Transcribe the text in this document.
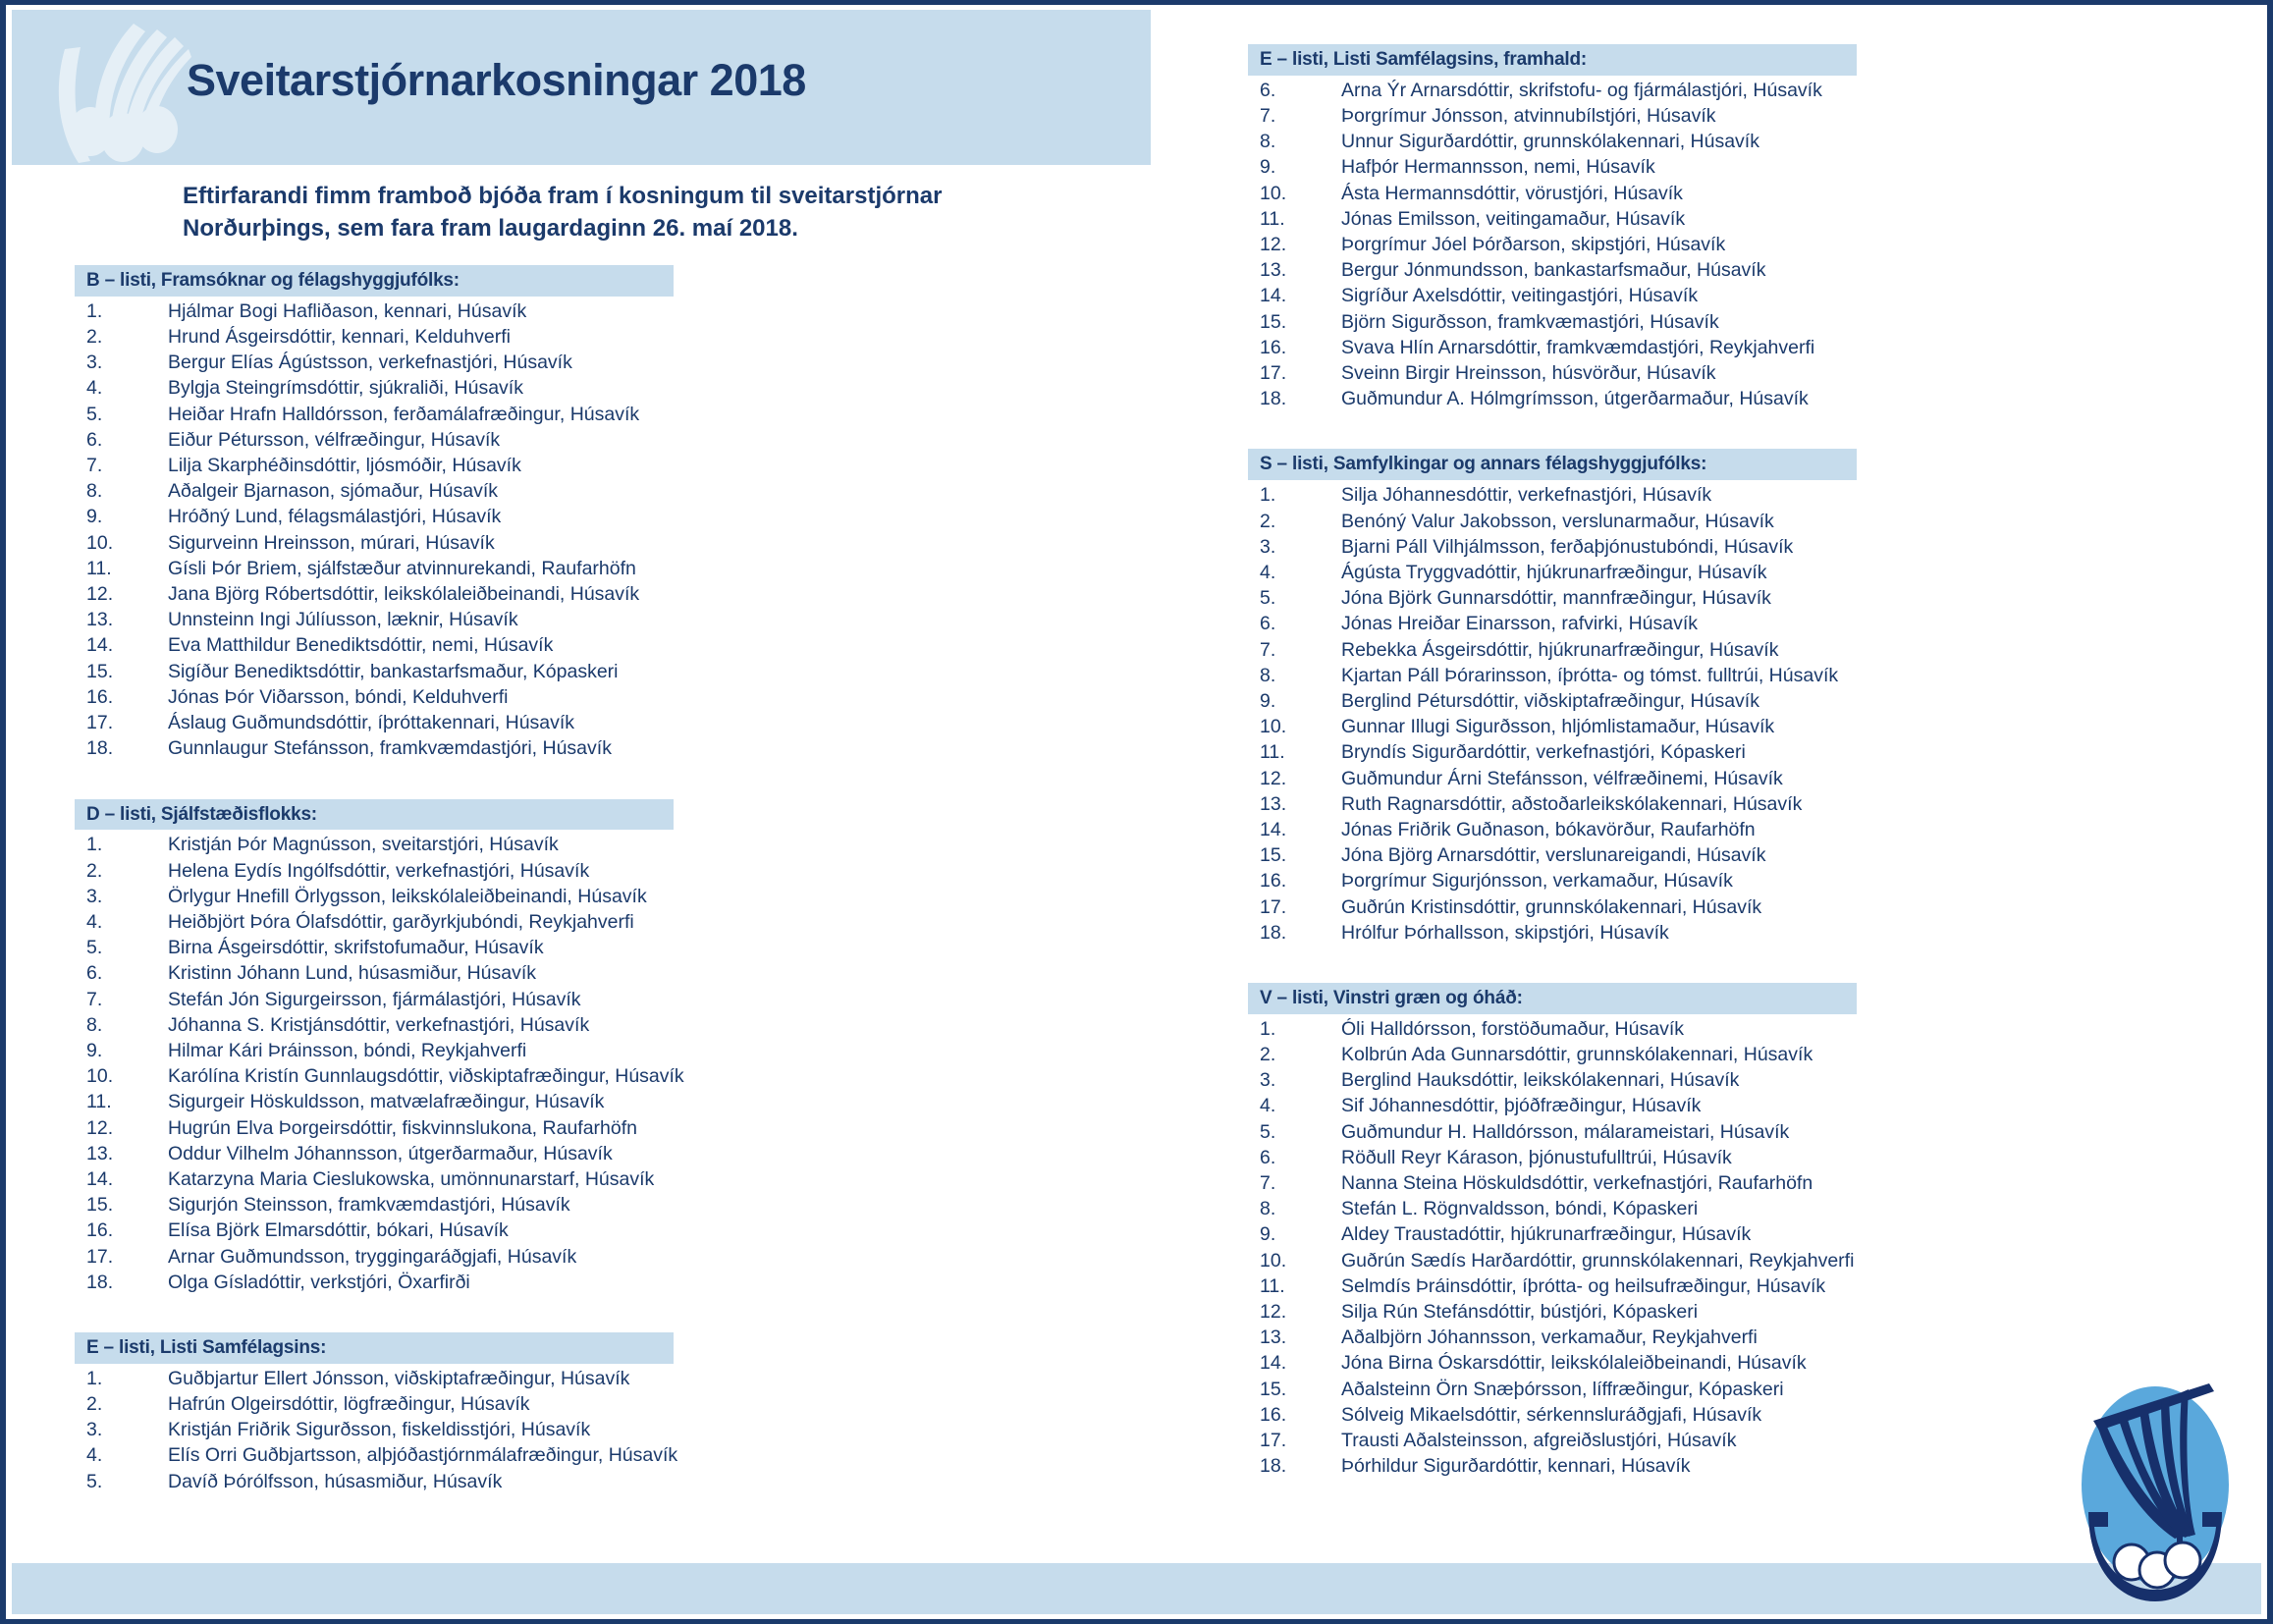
Sveitarstjórnarkosningar 2018
Eftirfarandi fimm framboð bjóða fram í kosningum til sveitarstjórnar
Norðurþings, sem fara fram laugardaginn 26. maí 2018.
B – listi, Framsóknar og félagshyggjufólks:
1.	Hjálmar Bogi Hafliðason, kennari, Húsavík
2.	Hrund Ásgeirsdóttir, kennari, Kelduhverfi
3.	Bergur Elías Ágústsson, verkefnastjóri, Húsavík
4.	Bylgja Steingrímsdóttir, sjúkraliði, Húsavík
5.	Heiðar Hrafn Halldórsson, ferðamálafræðingur, Húsavík
6.	Eiður Pétursson, vélfræðingur, Húsavík
7.	Lilja Skarphéðinsdóttir, ljósmóðir, Húsavík
8.	Aðalgeir Bjarnason, sjómaður, Húsavík
9.	Hróðný Lund, félagsmálastjóri, Húsavík
10.	Sigurveinn Hreinsson, múrari, Húsavík
11.	Gísli Þór Briem, sjálfstæður atvinnurekandi, Raufarhöfn
12.	Jana Björg Róbertsdóttir, leikskólaleiðbeinandi, Húsavík
13.	Unnsteinn Ingi Júlíusson, læknir, Húsavík
14.	Eva Matthildur Benediktsdóttir, nemi, Húsavík
15.	Sigíður Benediktsdóttir, bankastarfsmaður, Kópaskeri
16.	Jónas Þór Viðarsson, bóndi, Kelduhverfi
17.	Áslaug Guðmundsdóttir, íþróttakennari, Húsavík
18.	Gunnlaugur Stefánsson, framkvæmdastjóri, Húsavík
D – listi, Sjálfstæðisflokks:
1.	Kristján Þór Magnússon, sveitarstjóri, Húsavík
2.	Helena Eydís Ingólfsdóttir, verkefnastjóri, Húsavík
3.	Örlygur Hnefill Örlygsson, leikskólaleiðbeinandi, Húsavík
4.	Heiðbjört Þóra Ólafsdóttir, garðyrkjubóndi, Reykjahverfi
5.	Birna Ásgeirsdóttir, skrifstofumaður, Húsavík
6.	Kristinn Jóhann Lund, húsasmiður, Húsavík
7.	Stefán Jón Sigurgeirsson, fjármálastjóri, Húsavík
8.	Jóhanna S. Kristjánsdóttir, verkefnastjóri, Húsavík
9.	Hilmar Kári Þráinsson, bóndi, Reykjahverfi
10.	Karólína Kristín Gunnlaugsdóttir, viðskiptafræðingur, Húsavík
11.	Sigurgeir Höskuldsson, matvælafræðingur, Húsavík
12.	Hugrún Elva Þorgeirsdóttir, fiskvinnslukona, Raufarhöfn
13.	Oddur Vilhelm Jóhannsson, útgerðarmaður, Húsavík
14.	Katarzyna Maria Cieslukowska, umönnunarstarf, Húsavík
15.	Sigurjón Steinsson, framkvæmdastjóri, Húsavík
16.	Elísa Björk Elmarsdóttir, bókari, Húsavík
17.	Arnar Guðmundsson, tryggingaráðgjafi, Húsavík
18.	Olga Gísladóttir, verkstjóri, Öxarfirði
E – listi, Listi Samfélagsins:
1.	Guðbjartur Ellert Jónsson, viðskiptafræðingur, Húsavík
2.	Hafrún Olgeirsdóttir, lögfræðingur, Húsavík
3.	Kristján Friðrik Sigurðsson, fiskeldisstjóri, Húsavík
4.	Elís Orri Guðbjartsson, alþjóðastjórnmálafræðingur, Húsavík
5.	Davíð Þórólfsson, húsasmiður, Húsavík
E – listi, Listi Samfélagsins, framhald:
6.	Arna Ýr Arnarsdóttir, skrifstofu- og fjármálastjóri, Húsavík
7.	Þorgrímur Jónsson, atvinnubílstjóri, Húsavík
8.	Unnur Sigurðardóttir, grunnskólakennari, Húsavík
9.	Hafþór Hermannsson, nemi, Húsavík
10.	Ásta Hermannsdóttir, vörustjóri, Húsavík
11.	Jónas Emilsson, veitingamaður, Húsavík
12.	Þorgrímur Jóel Þórðarson, skipstjóri, Húsavík
13.	Bergur Jónmundsson, bankastarfsmaður, Húsavík
14.	Sigríður Axelsdóttir, veitingastjóri, Húsavík
15.	Björn Sigurðsson, framkvæmastjóri, Húsavík
16.	Svava Hlín Arnarsdóttir, framkvæmdastjóri, Reykjahverfi
17.	Sveinn Birgir Hreinsson, húsvörður, Húsavík
18.	Guðmundur A. Hólmgrímsson, útgerðarmaður, Húsavík
S – listi, Samfylkingar og annars félagshyggjufólks:
1.	Silja Jóhannesdóttir, verkefnastjóri, Húsavík
2.	Benóný Valur Jakobsson, verslunarmaður, Húsavík
3.	Bjarni Páll Vilhjálmsson, ferðaþjónustubóndi, Húsavík
4.	Ágústa Tryggvadóttir, hjúkrunarfræðingur, Húsavík
5.	Jóna Björk Gunnarsdóttir, mannfræðingur, Húsavík
6.	Jónas Hreiðar Einarsson, rafvirki, Húsavík
7.	Rebekka Ásgeirsdóttir, hjúkrunarfræðingur, Húsavík
8.	Kjartan Páll Þórarinsson, íþrótta- og tómst. fulltrúi, Húsavík
9.	Berglind Pétursdóttir, viðskiptafræðingur, Húsavík
10.	Gunnar Illugi Sigurðsson, hljómlistamaður, Húsavík
11.	Bryndís Sigurðardóttir, verkefnastjóri, Kópaskeri
12.	Guðmundur Árni Stefánsson, vélfræðinemi, Húsavík
13.	Ruth Ragnarsdóttir, aðstoðarleikskólakennari, Húsavík
14.	Jónas Friðrik Guðnason, bókavörður, Raufarhöfn
15.	Jóna Björg Arnarsdóttir, verslunareigandi, Húsavík
16.	Þorgrímur Sigurjónsson, verkamaður, Húsavík
17.	Guðrún Kristinsdóttir, grunnskólakennari, Húsavík
18.	Hrólfur Þórhallsson, skipstjóri, Húsavík
V – listi, Vinstri græn og óháð:
1.	Óli Halldórsson, forstöðumaður, Húsavík
2.	Kolbrún Ada Gunnarsdóttir, grunnskólakennari, Húsavík
3.	Berglind Hauksdóttir, leikskólakennari, Húsavík
4.	Sif Jóhannesdóttir, þjóðfræðingur, Húsavík
5.	Guðmundur H. Halldórsson, málarameistari, Húsavík
6.	Röðull Reyr Kárason, þjónustufulltrúi, Húsavík
7.	Nanna Steina Höskuldsdóttir, verkefnastjóri, Raufarhöfn
8.	Stefán L. Rögnvaldsson, bóndi, Kópaskeri
9.	Aldey Traustadóttir, hjúkrunarfræðingur, Húsavík
10.	Guðrún Sædís Harðardóttir, grunnskólakennari, Reykjahverfi
11.	Selmdís Þráinsdóttir, íþrótta- og heilsufræðingur, Húsavík
12.	Silja Rún Stefánsdóttir, bústjóri, Kópaskeri
13.	Aðalbjörn Jóhannsson, verkamaður, Reykjahverfi
14.	Jóna Birna Óskarsdóttir, leikskólaleiðbeinandi, Húsavík
15.	Aðalsteinn Örn Snæþórsson, líffræðingur, Kópaskeri
16.	Sólveig Mikaelsdóttir, sérkennsluráðgjafi, Húsavík
17.	Trausti Aðalsteinsson, afgreiðslustjóri, Húsavík
18.	Þórhildur Sigurðardóttir, kennari, Húsavík
